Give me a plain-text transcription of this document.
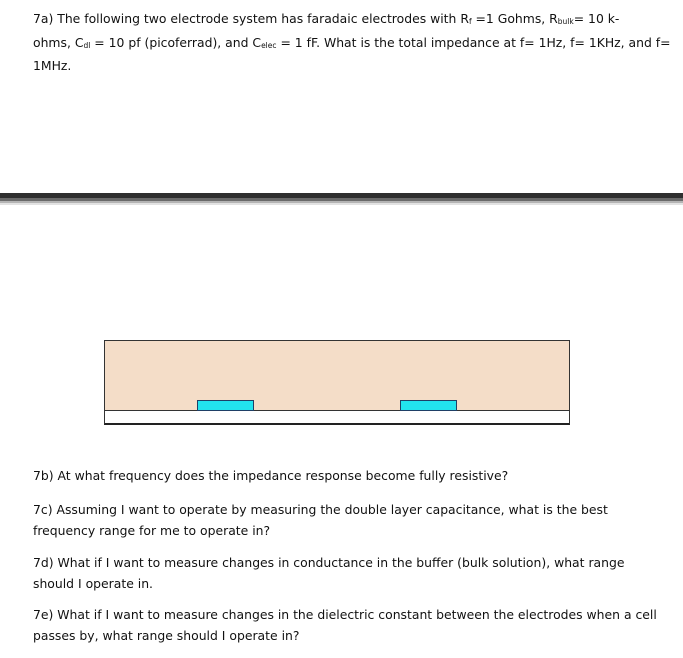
7a) The following two electrode system has faradaic electrodes with Rf =1 Gohms, Rbulk= 10 k-
ohms, Cdl = 10 pf (picoferrad), and Celec = 1 fF. What is the total impedance at f= 1Hz, f= 1KHz, and f=
1MHz.
7b) At what frequency does the impedance response become fully resistive?
7c) Assuming I want to operate by measuring the double layer capacitance, what is the best
frequency range for me to operate in?
7d) What if I want to measure changes in conductance in the buffer (bulk solution), what range
should I operate in.
7e) What if I want to measure changes in the dielectric constant between the electrodes when a cell
passes by, what range should I operate in?
